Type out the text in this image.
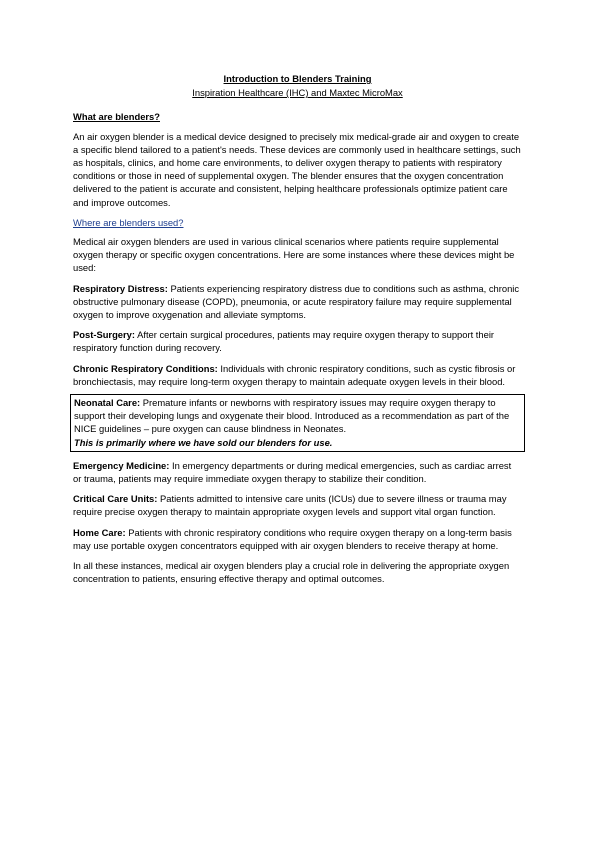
Introduction to Blenders Training

Inspiration Healthcare (IHC) and Maxtec MicroMax

What are blenders?

An air oxygen blender is a medical device designed to precisely mix medical-grade air and oxygen to create a specific blend tailored to a patient's needs. These devices are commonly used in healthcare settings, such as hospitals, clinics, and home care environments, to deliver oxygen therapy to patients with respiratory conditions or those in need of supplemental oxygen. The blender ensures that the oxygen concentration delivered to the patient is accurate and consistent, helping healthcare professionals optimize patient care and improve outcomes.

Where are blenders used?

Medical air oxygen blenders are used in various clinical scenarios where patients require supplemental oxygen therapy or specific oxygen concentrations. Here are some instances where these devices might be used:

Respiratory Distress: Patients experiencing respiratory distress due to conditions such as asthma, chronic obstructive pulmonary disease (COPD), pneumonia, or acute respiratory failure may require supplemental oxygen to improve oxygenation and alleviate symptoms.

Post-Surgery: After certain surgical procedures, patients may require oxygen therapy to support their respiratory function during recovery.

Chronic Respiratory Conditions: Individuals with chronic respiratory conditions, such as cystic fibrosis or bronchiectasis, may require long-term oxygen therapy to maintain adequate oxygen levels in their blood.

Neonatal Care: Premature infants or newborns with respiratory issues may require oxygen therapy to support their developing lungs and oxygenate their blood. Introduced as a recommendation as part of the NICE guidelines – pure oxygen can cause blindness in Neonates.

This is primarily where we have sold our blenders for use.

Emergency Medicine: In emergency departments or during medical emergencies, such as cardiac arrest or trauma, patients may require immediate oxygen therapy to stabilize their condition.

Critical Care Units: Patients admitted to intensive care units (ICUs) due to severe illness or trauma may require precise oxygen therapy to maintain appropriate oxygen levels and support vital organ function.

Home Care: Patients with chronic respiratory conditions who require oxygen therapy on a long-term basis may use portable oxygen concentrators equipped with air oxygen blenders to receive therapy at home.

In all these instances, medical air oxygen blenders play a crucial role in delivering the appropriate oxygen concentration to patients, ensuring effective therapy and optimal outcomes.
